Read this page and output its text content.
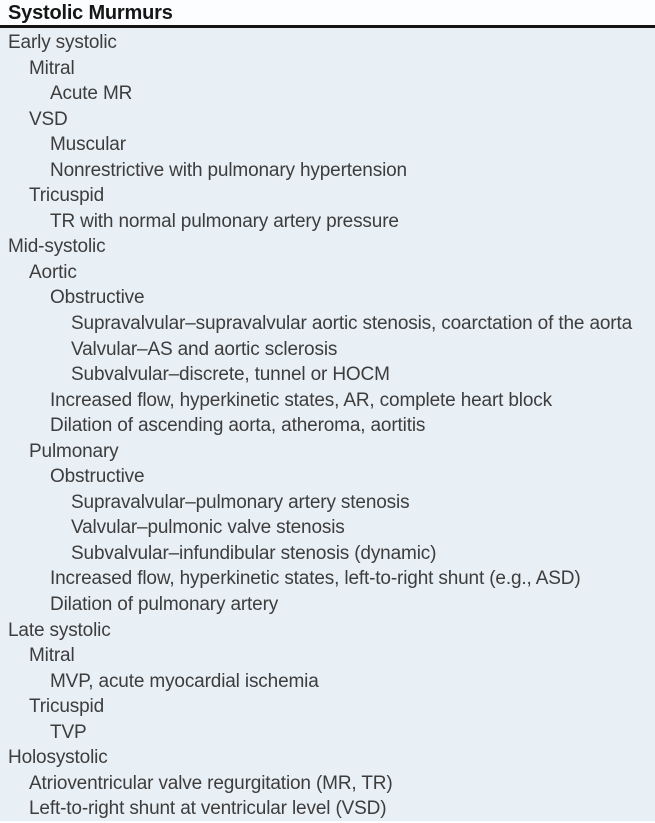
Systolic Murmurs
Early systolic
Mitral
Acute MR
VSD
Muscular
Nonrestrictive with pulmonary hypertension
Tricuspid
TR with normal pulmonary artery pressure
Mid-systolic
Aortic
Obstructive
Supravalvular–supravalvular aortic stenosis, coarctation of the aorta
Valvular–AS and aortic sclerosis
Subvalvular–discrete, tunnel or HOCM
Increased flow, hyperkinetic states, AR, complete heart block
Dilation of ascending aorta, atheroma, aortitis
Pulmonary
Obstructive
Supravalvular–pulmonary artery stenosis
Valvular–pulmonic valve stenosis
Subvalvular–infundibular stenosis (dynamic)
Increased flow, hyperkinetic states, left-to-right shunt (e.g., ASD)
Dilation of pulmonary artery
Late systolic
Mitral
MVP, acute myocardial ischemia
Tricuspid
TVP
Holosystolic
Atrioventricular valve regurgitation (MR, TR)
Left-to-right shunt at ventricular level (VSD)
